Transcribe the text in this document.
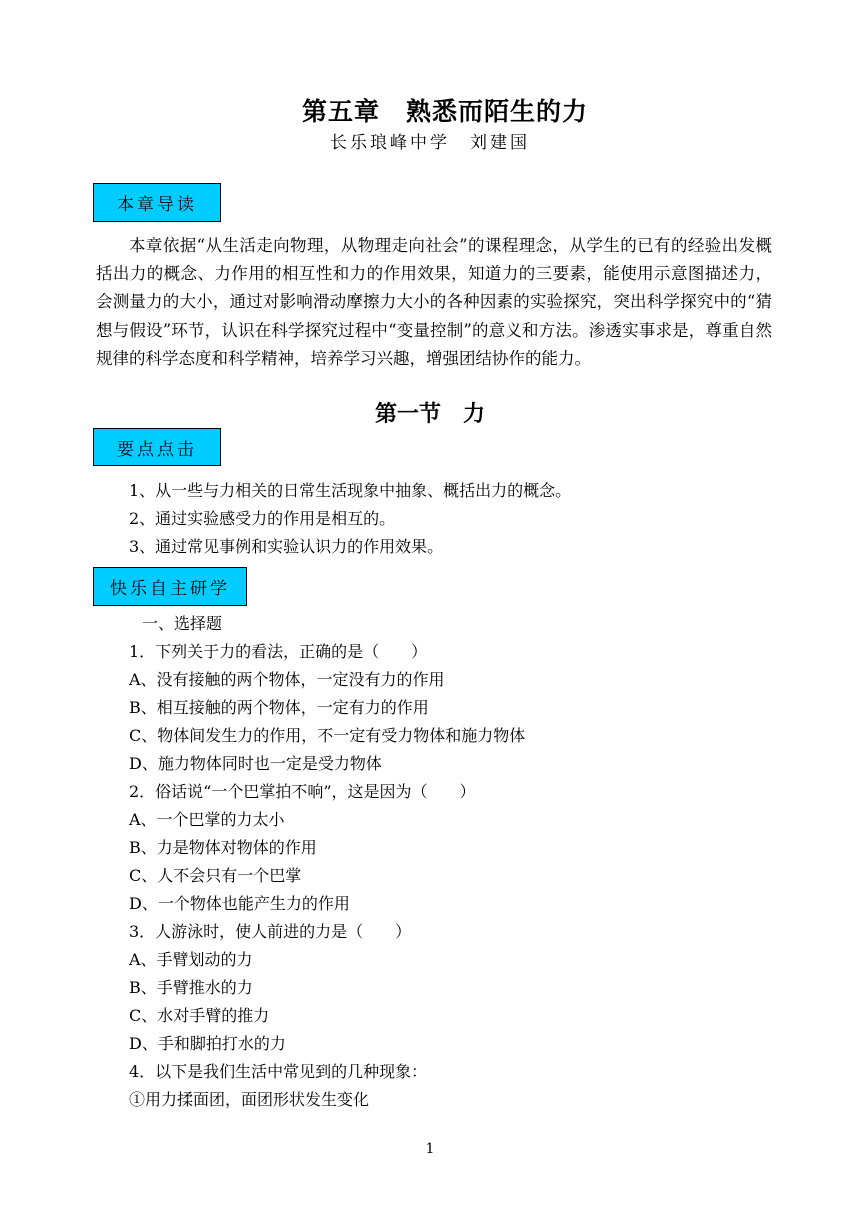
第五章　熟悉而陌生的力
长乐琅峰中学　刘建国
本章导读
本章依据“从生活走向物理，从物理走向社会”的课程理念，从学生的已有的经验出发概括出力的概念、力作用的相互性和力的作用效果，知道力的三要素，能使用示意图描述力，会测量力的大小，通过对影响滑动摩擦力大小的各种因素的实验探究，突出科学探究中的“猜想与假设”环节，认识在科学探究过程中“变量控制”的意义和方法。渗透实事求是，尊重自然规律的科学态度和科学精神，培养学习兴趣，增强团结协作的能力。
第一节　力
要点点击
1、从一些与力相关的日常生活现象中抽象、概括出力的概念。
2、通过实验感受力的作用是相互的。
3、通过常见事例和实验认识力的作用效果。
快乐自主研学
一、选择题
1．下列关于力的看法，正确的是（　　）
A、没有接触的两个物体，一定没有力的作用
B、相互接触的两个物体，一定有力的作用
C、物体间发生力的作用，不一定有受力物体和施力物体
D、施力物体同时也一定是受力物体
2．俗话说“一个巴掌拍不响”，这是因为（　　）
A、一个巴掌的力太小
B、力是物体对物体的作用
C、人不会只有一个巴掌
D、一个物体也能产生力的作用
3．人游泳时，使人前进的力是（　　）
A、手臂划动的力
B、手臂推水的力
C、水对手臂的推力
D、手和脚拍打水的力
4．以下是我们生活中常见到的几种现象：
①用力揉面团，面团形状发生变化
1
